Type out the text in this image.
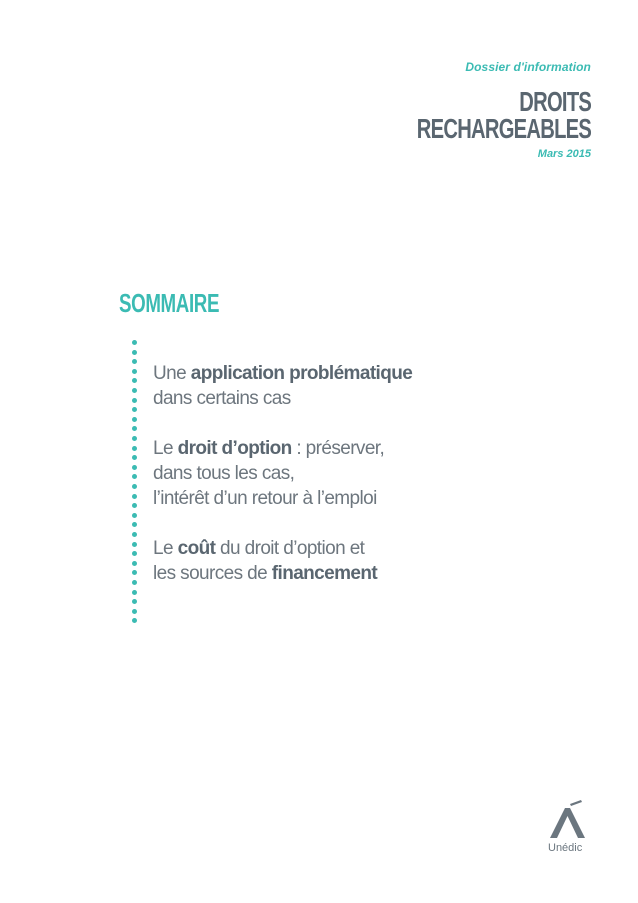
Dossier d'information
DROITS
RECHARGEABLES
Mars 2015
SOMMAIRE
Une application problématique
dans certains cas
Le droit d’option : préserver,
dans tous les cas,
l’intérêt d’un retour à l’emploi
Le coût du droit d’option et
les sources de financement
Unédic
